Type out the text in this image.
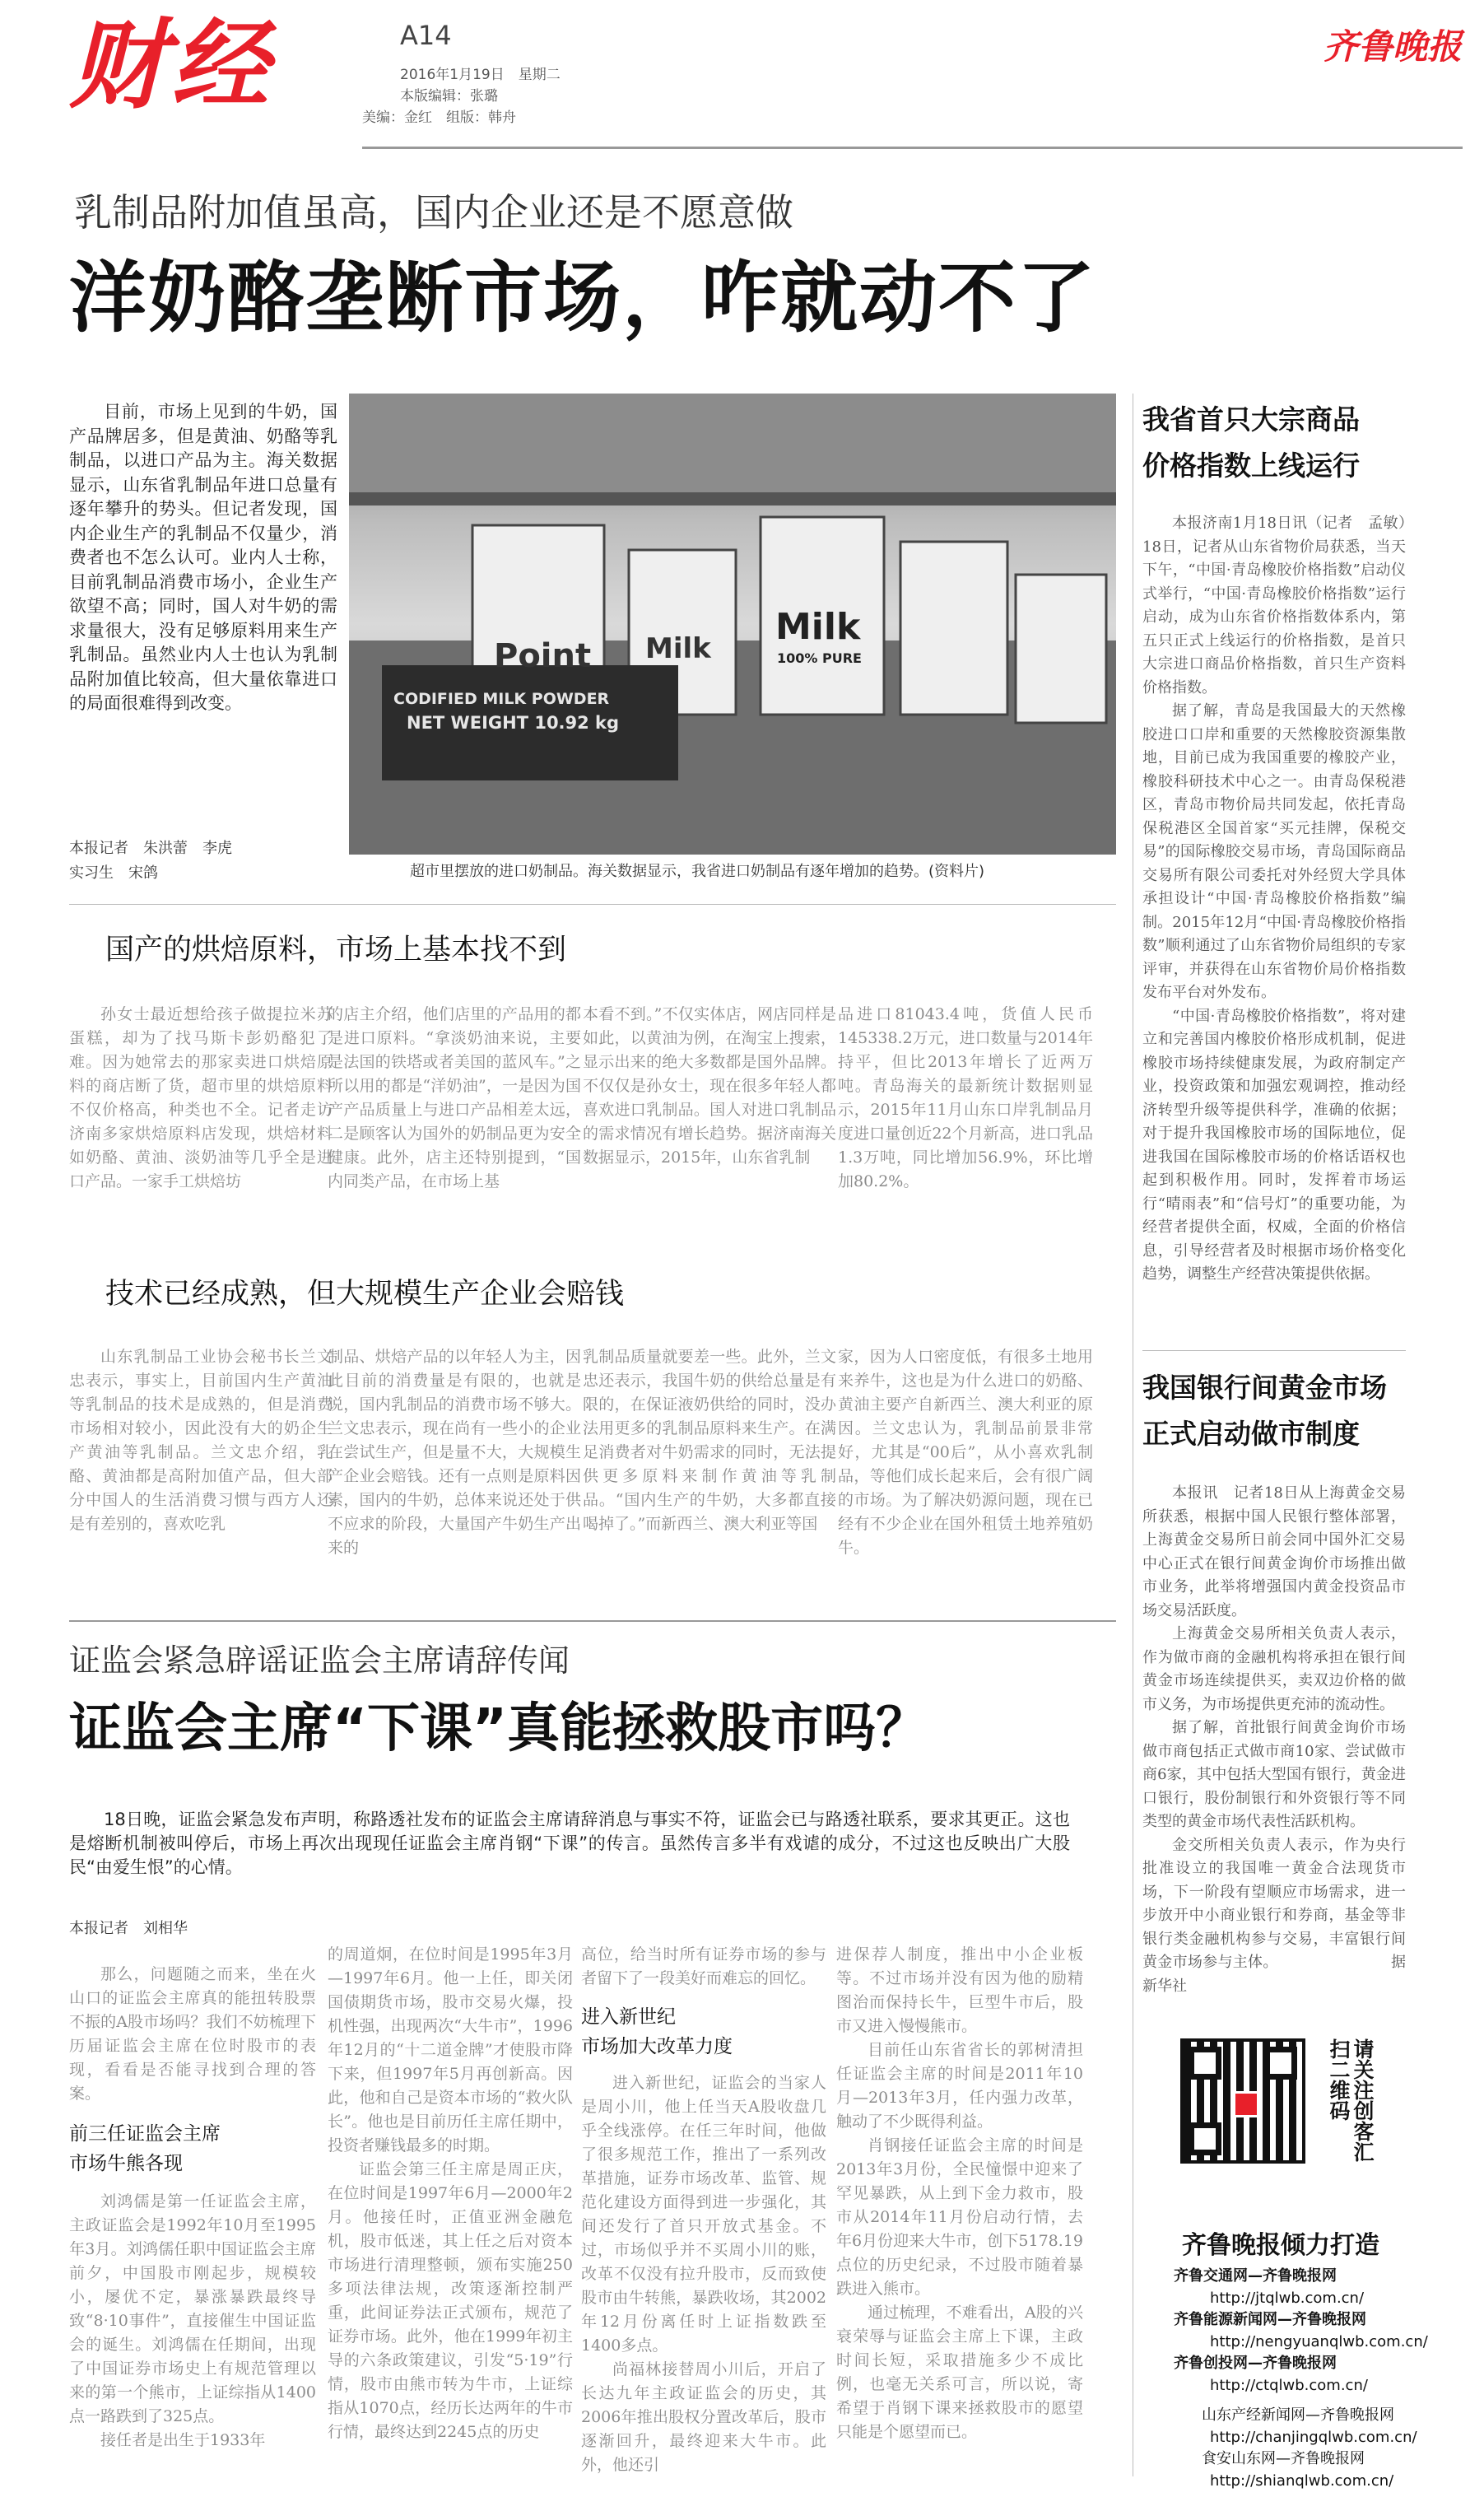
财经	A14
2016年1月19日　星期二
本版编辑：张璐
美编：金红　组版：韩舟
齐鲁晚报
乳制品附加值虽高，国内企业还是不愿意做
洋奶酪垄断市场，咋就动不了
目前，市场上见到的牛奶，国产品牌居多，但是黄油、奶酪等乳制品，以进口产品为主。海关数据显示，山东省乳制品年进口总量有逐年攀升的势头。但记者发现，国内企业生产的乳制品不仅量少，消费者也不怎么认可。业内人士称，目前乳制品消费市场小，企业生产欲望不高；同时，国人对牛奶的需求量很大，没有足够原料用来生产乳制品。虽然业内人士也认为乳制品附加值比较高，但大量依靠进口的局面很难得到改变。
本报记者　朱洪蕾　李虎
实习生　宋鸽
Milk
Point Milk	100% PURE
CODIFIED MILK POWDER
NET WEIGHT 10.92 kg
超市里摆放的进口奶制品。海关数据显示，我省进口奶制品有逐年增加的趋势。(资料片)
国产的烘焙原料，市场上基本找不到
孙女士最近想给孩子做提拉米苏蛋糕，却为了找马斯卡彭奶酪犯了难。因为她常去的那家卖进口烘焙原料的商店断了货，超市里的烘焙原料不仅价格高，种类也不全。记者走访济南多家烘焙原料店发现，烘焙材料如奶酪、黄油、淡奶油等几乎全是进口产品。一家手工烘焙坊
的店主介绍，他们店里的产品用的都是进口原料。“拿淡奶油来说，主要是法国的铁塔或者美国的蓝风车。”之所以用的都是“洋奶油”，一是因为国产产品质量上与进口产品相差太远，二是顾客认为国外的奶制品更为安全健康。此外，店主还特别提到，“国内同类产品，在市场上基
本看不到。”不仅实体店，网店同样是如此，以黄油为例，在淘宝上搜索，显示出来的绝大多数都是国外品牌。不仅仅是孙女士，现在很多年轻人都喜欢进口乳制品。国人对进口乳制品的需求情况有增长趋势。据济南海关数据显示，2015年，山东省乳制
品进口81043.4吨，货值人民币145338.2万元，进口数量与2014年持平，但比2013年增长了近两万吨。青岛海关的最新统计数据则显示，2015年11月山东口岸乳制品月度进口量创近22个月新高，进口乳品1.3万吨，同比增加56.9%，环比增加80.2%。
技术已经成熟，但大规模生产企业会赔钱
山东乳制品工业协会秘书长兰文忠表示，事实上，目前国内生产黄油等乳制品的技术是成熟的，但是消费市场相对较小，因此没有大的奶企生产黄油等乳制品。兰文忠介绍，乳酪、黄油都是高附加值产品，但大部分中国人的生活消费习惯与西方人还是有差别的，喜欢吃乳
制品、烘焙产品的以年轻人为主，因此目前的消费量是有限的，也就是说，国内乳制品的消费市场不够大。兰文忠表示，现在尚有一些小的企业在尝试生产，但是量不大，大规模生产企业会赔钱。还有一点则是原料因素，国内的牛奶，总体来说还处于供不应求的阶段，大量国产牛奶生产出来的
乳制品质量就要差一些。此外，兰文忠还表示，我国牛奶的供给总量是有限的，在保证液奶供给的同时，没办法用更多的乳制品原料来生产。在满足消费者对牛奶需求的同时，无法提供更多原料来制作黄油等乳制品。“国内生产的牛奶，大多都直接喝掉了。”而新西兰、澳大利亚等国
家，因为人口密度低，有很多土地用来养牛，这也是为什么进口的奶酪、黄油主要产自新西兰、澳大利亚的原因。兰文忠认为，乳制品前景非常好，尤其是“00后”，从小喜欢乳制品，等他们成长起来后，会有很广阔的市场。为了解决奶源问题，现在已经有不少企业在国外租赁土地养殖奶牛。
我省首只大宗商品
价格指数上线运行

本报济南1月18日讯（记者　孟敏）　18日，记者从山东省物价局获悉，当天下午，“中国·青岛橡胶价格指数”启动仪式举行，“中国·青岛橡胶价格指数”运行启动，成为山东省价格指数体系内，第五只正式上线运行的价格指数，是首只大宗进口商品价格指数，首只生产资料价格指数。

据了解，青岛是我国最大的天然橡胶进口口岸和重要的天然橡胶资源集散地，目前已成为我国重要的橡胶产业，橡胶科研技术中心之一。由青岛保税港区，青岛市物价局共同发起，依托青岛保税港区全国首家“买元挂牌，保税交易”的国际橡胶交易市场，青岛国际商品交易所有限公司委托对外经贸大学具体承担设计“中国·青岛橡胶价格指数”编制。2015年12月“中国·青岛橡胶价格指数”顺利通过了山东省物价局组织的专家评审，并获得在山东省物价局价格指数发布平台对外发布。

“中国·青岛橡胶价格指数”，将对建立和完善国内橡胶价格形成机制，促进橡胶市场持续健康发展，为政府制定产业，投资政策和加强宏观调控，推动经济转型升级等提供科学，准确的依据；对于提升我国橡胶市场的国际地位，促进我国在国际橡胶市场的价格话语权也起到积极作用。同时，发挥着市场运行“晴雨表”和“信号灯”的重要功能，为经营者提供全面，权威，全面的价格信息，引导经营者及时根据市场价格变化趋势，调整生产经营决策提供依据。

我国银行间黄金市场
正式启动做市制度

本报讯　记者18日从上海黄金交易所获悉，根据中国人民银行整体部署，上海黄金交易所日前会同中国外汇交易中心正式在银行间黄金询价市场推出做市业务，此举将增强国内黄金投资品市场交易活跃度。

上海黄金交易所相关负责人表示，作为做市商的金融机构将承担在银行间黄金市场连续提供买，卖双边价格的做市义务，为市场提供更充沛的流动性。

据了解，首批银行间黄金询价市场做市商包括正式做市商10家、尝试做市商6家，其中包括大型国有银行，黄金进口银行，股份制银行和外资银行等不同类型的黄金市场代表性活跃机构。

金交所相关负责人表示，作为央行批准设立的我国唯一黄金合法现货市场，下一阶段有望顺应市场需求，进一步放开中小商业银行和券商，基金等非银行类金融机构参与交易，丰富银行间黄金市场参与主体。　　　　　　　　据新华社

请关注创客汇扫二维码
齐鲁晚报倾力打造
齐鲁交通网—齐鲁晚报网
http://jtqlwb.com.cn/
齐鲁能源新闻网—齐鲁晚报网
http://nengyuanqlwb.com.cn/
齐鲁创投网—齐鲁晚报网
http://ctqlwb.com.cn/
山东产经新闻网—齐鲁晚报网
http://chanjingqlwb.com.cn/
食安山东网—齐鲁晚报网
http://shianqlwb.com.cn/
证监会紧急辟谣证监会主席请辞传闻
证监会主席“下课”真能拯救股市吗？
18日晚，证监会紧急发布声明，称路透社发布的证监会主席请辞消息与事实不符，证监会已与路透社联系，要求其更正。这也是熔断机制被叫停后，市场上再次出现现任证监会主席肖钢“下课”的传言。虽然传言多半有戏谑的成分，不过这也反映出广大股民“由爱生恨”的心情。
本报记者　刘相华

那么，问题随之而来，坐在火山口的证监会主席真的能扭转股票不振的A股市场吗？我们不妨梳理下历届证监会主席在位时股市的表现，看看是否能寻找到合理的答案。

前三任证监会主席
市场牛熊各现

刘鸿儒是第一任证监会主席，主政证监会是1992年10月至1995年3月。刘鸿儒任职中国证监会主席前夕，中国股市刚起步，规模较小，屡优不定，暴涨暴跌最终导致“8·10事件”，直接催生中国证监会的诞生。刘鸿儒在任期间，出现了中国证券市场史上有规范管理以来的第一个熊市，上证综指从1400点一路跌到了325点。

接任者是出生于1933年

的周道炯，在位时间是1995年3月—1997年6月。他一上任，即关闭国债期货市场，股市交易火爆，投机性强，出现两次“大牛市”，1996年12月的“十二道金牌”才使股市降下来，但1997年5月再创新高。因此，他和自己是资本市场的“救火队长”。他也是目前历任主席任期中，投资者赚钱最多的时期。

证监会第三任主席是周正庆，在位时间是1997年6月—2000年2月。他接任时，正值亚洲金融危机，股市低迷，其上任之后对资本市场进行清理整顿，颁布实施250多项法律法规，改策逐渐控制严重，此间证券法正式颁布，规范了证券市场。此外，他在1999年初主导的六条政策建议，引发“5·19”行情，股市由熊市转为牛市，上证综指从1070点，经历长达两年的牛市行情，最终达到2245点的历史

高位，给当时所有证券市场的参与者留下了一段美好而难忘的回忆。

进入新世纪
市场加大改革力度

进入新世纪，证监会的当家人是周小川，他上任当天A股收盘几乎全线涨停。在任三年时间，他做了很多规范工作，推出了一系列改革措施，证券市场改革、监管、规范化建设方面得到进一步强化，其间还发行了首只开放式基金。不过，市场似乎并不买周小川的账，改革不仅没有拉升股市，反而致使股市由牛转熊，暴跌收场，其2002年12月份离任时上证指数跌至1400多点。

尚福林接替周小川后，开启了长达九年主政证监会的历史，其2006年推出股权分置改革后，股市逐渐回升，最终迎来大牛市。此外，他还引

进保荐人制度，推出中小企业板等。不过市场并没有因为他的励精图治而保持长牛，巨型牛市后，股市又进入慢慢熊市。

目前任山东省省长的郭树清担任证监会主席的时间是2011年10月—2013年3月，任内强力改革，触动了不少既得利益。

肖钢接任证监会主席的时间是2013年3月份，全民憧憬中迎来了罕见暴跌，从上到下金力救市，股市从2014年11月份启动行情，去年6月份迎来大牛市，创下5178.19点位的历史纪录，不过股市随着暴跌进入熊市。

通过梳理，不难看出，A股的兴衰荣辱与证监会主席上下课，主政时间长短，采取措施多少不成比例，也毫无关系可言，所以说，寄希望于肖钢下课来拯救股市的愿望只能是个愿望而已。
